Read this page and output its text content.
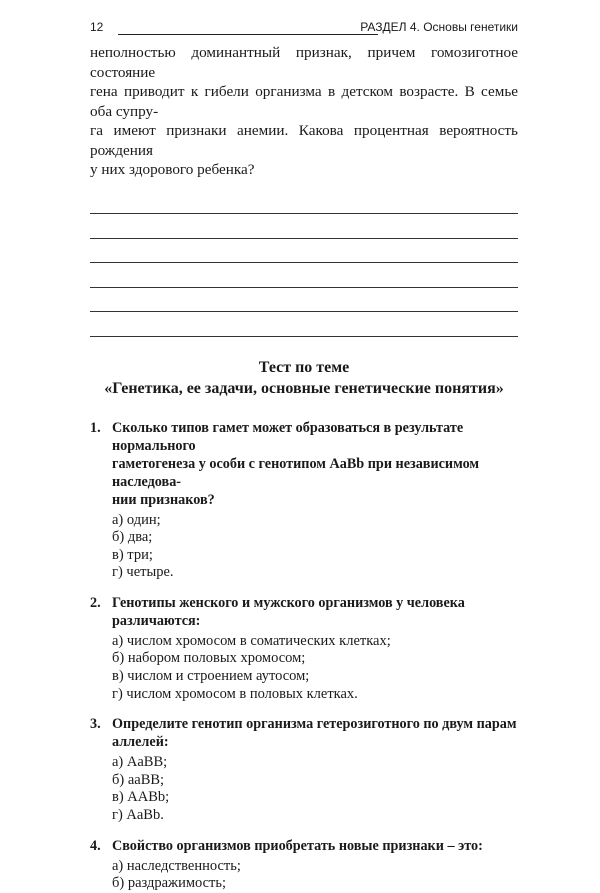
12	РАЗДЕЛ 4. Основы генетики

неполностью доминантный признак, причем гомозиготное состояние
гена приводит к гибели организма в детском возрасте. В семье оба супру-
га имеют признаки анемии. Какова процентная вероятность рождения
у них здорового ребенка?

Тест по теме
«Генетика, ее задачи, основные генетические понятия»
1. Сколько типов гамет может образоваться в результате нормального
гаметогенеза у особи с генотипом AaBb при независимом наследова-
нии признаков?
а) один;
б) два;
в) три;
г) четыре.
2. Генотипы женского и мужского организмов у человека различаются:
а) числом хромосом в соматических клетках;
б) набором половых хромосом;
в) числом и строением аутосом;
г) числом хромосом в половых клетках.
3. Определите генотип организма гетерозиготного по двум парам аллелей:
а) AaBB;
б) aaBB;
в) AABb;
г) AaBb.
4. Свойство организмов приобретать новые признаки – это:
а) наследственность;
б) раздражимость;
